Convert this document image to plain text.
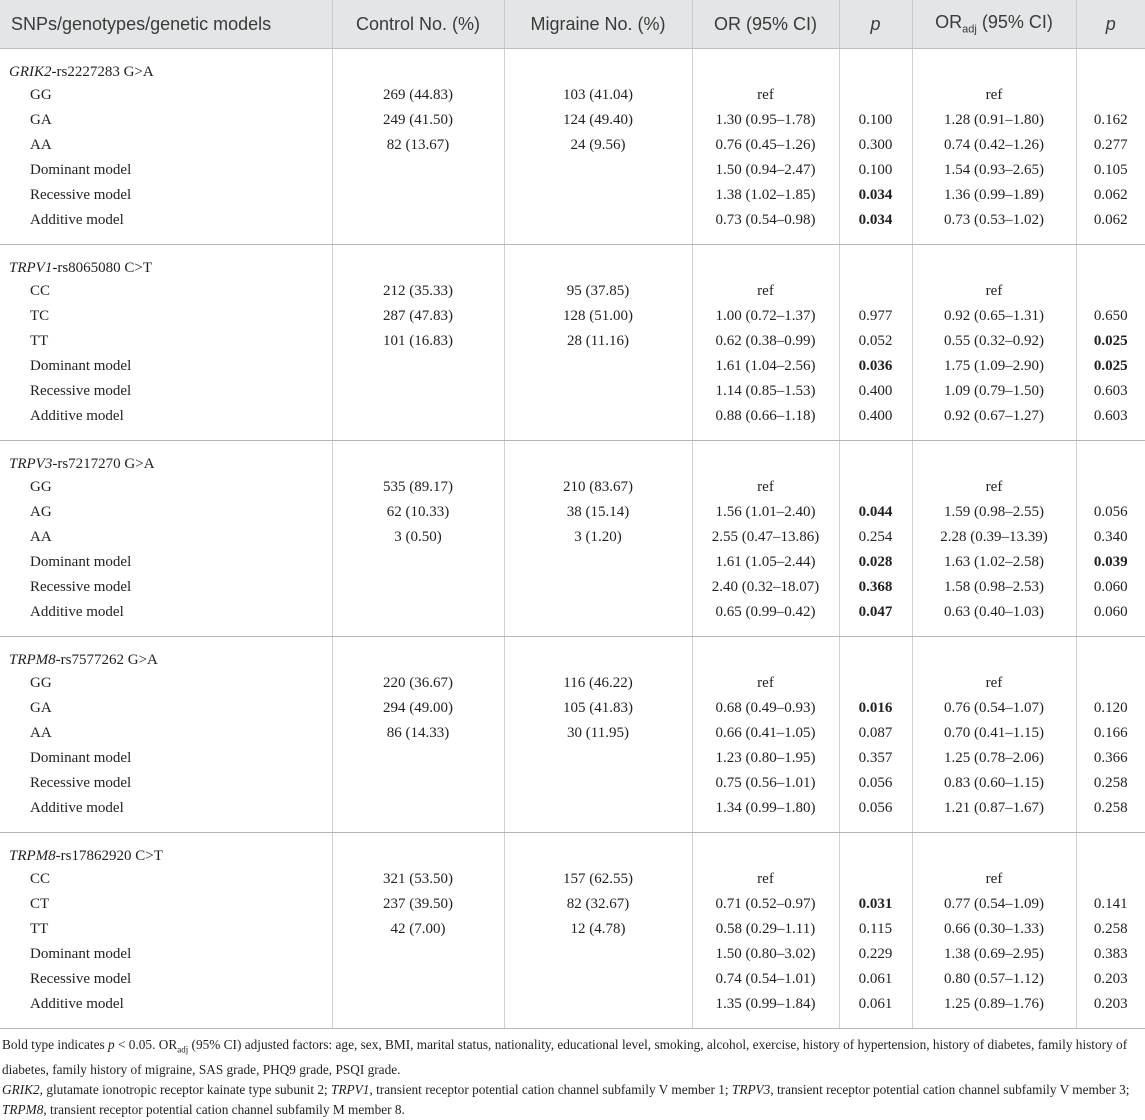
SNPs/genotypes/genetic models	Control No. (%)	Migraine No. (%)	OR (95% CI)	p	$OR_{adj}$ (95% CI)	p
GRIK2-rs2227283 G>A						
GG	269 (44.83)	103 (41.04)	ref		ref	
GA	249 (41.50)	124 (49.40)	1.30 (0.95–1.78)	0.100	1.28 (0.91–1.80)	0.162
AA	82 (13.67)	24 (9.56)	0.76 (0.45–1.26)	0.300	0.74 (0.42–1.26)	0.277
Dominant model			1.50 (0.94–2.47)	0.100	1.54 (0.93–2.65)	0.105
Recessive model			1.38 (1.02–1.85)	0.034	1.36 (0.99–1.89)	0.062
Additive model			0.73 (0.54–0.98)	0.034	0.73 (0.53–1.02)	0.062
TRPV1-rs8065080 C>T						
CC	212 (35.33)	95 (37.85)	ref		ref	
TC	287 (47.83)	128 (51.00)	1.00 (0.72–1.37)	0.977	0.92 (0.65–1.31)	0.650
TT	101 (16.83)	28 (11.16)	0.62 (0.38–0.99)	0.052	0.55 (0.32–0.92)	0.025
Dominant model			1.61 (1.04–2.56)	0.036	1.75 (1.09–2.90)	0.025
Recessive model			1.14 (0.85–1.53)	0.400	1.09 (0.79–1.50)	0.603
Additive model			0.88 (0.66–1.18)	0.400	0.92 (0.67–1.27)	0.603
TRPV3-rs7217270 G>A						
GG	535 (89.17)	210 (83.67)	ref		ref	
AG	62 (10.33)	38 (15.14)	1.56 (1.01–2.40)	0.044	1.59 (0.98–2.55)	0.056
AA	3 (0.50)	3 (1.20)	2.55 (0.47–13.86)	0.254	2.28 (0.39–13.39)	0.340
Dominant model			1.61 (1.05–2.44)	0.028	1.63 (1.02–2.58)	0.039
Recessive model			2.40 (0.32–18.07)	0.368	1.58 (0.98–2.53)	0.060
Additive model			0.65 (0.99–0.42)	0.047	0.63 (0.40–1.03)	0.060
TRPM8-rs7577262 G>A						
GG	220 (36.67)	116 (46.22)	ref		ref	
GA	294 (49.00)	105 (41.83)	0.68 (0.49–0.93)	0.016	0.76 (0.54–1.07)	0.120
AA	86 (14.33)	30 (11.95)	0.66 (0.41–1.05)	0.087	0.70 (0.41–1.15)	0.166
Dominant model			1.23 (0.80–1.95)	0.357	1.25 (0.78–2.06)	0.366
Recessive model			0.75 (0.56–1.01)	0.056	0.83 (0.60–1.15)	0.258
Additive model			1.34 (0.99–1.80)	0.056	1.21 (0.87–1.67)	0.258
TRPM8-rs17862920 C>T						
CC	321 (53.50)	157 (62.55)	ref		ref	
CT	237 (39.50)	82 (32.67)	0.71 (0.52–0.97)	0.031	0.77 (0.54–1.09)	0.141
TT	42 (7.00)	12 (4.78)	0.58 (0.29–1.11)	0.115	0.66 (0.30–1.33)	0.258
Dominant model			1.50 (0.80–3.02)	0.229	1.38 (0.69–2.95)	0.383
Recessive model			0.74 (0.54–1.01)	0.061	0.80 (0.57–1.12)	0.203
Additive model			1.35 (0.99–1.84)	0.061	1.25 (0.89–1.76)	0.203

Bold type indicates p < 0.05. $OR_{adj}$ (95% CI) adjusted factors: age, sex, BMI, marital status, nationality, educational level, smoking, alcohol, exercise, history of hypertension, history of diabetes, family history of diabetes, family history of migraine, SAS grade, PHQ9 grade, PSQI grade.

GRIK2, glutamate ionotropic receptor kainate type subunit 2; TRPV1, transient receptor potential cation channel subfamily V member 1; TRPV3, transient receptor potential cation channel subfamily V member 3; TRPM8, transient receptor potential cation channel subfamily M member 8.
